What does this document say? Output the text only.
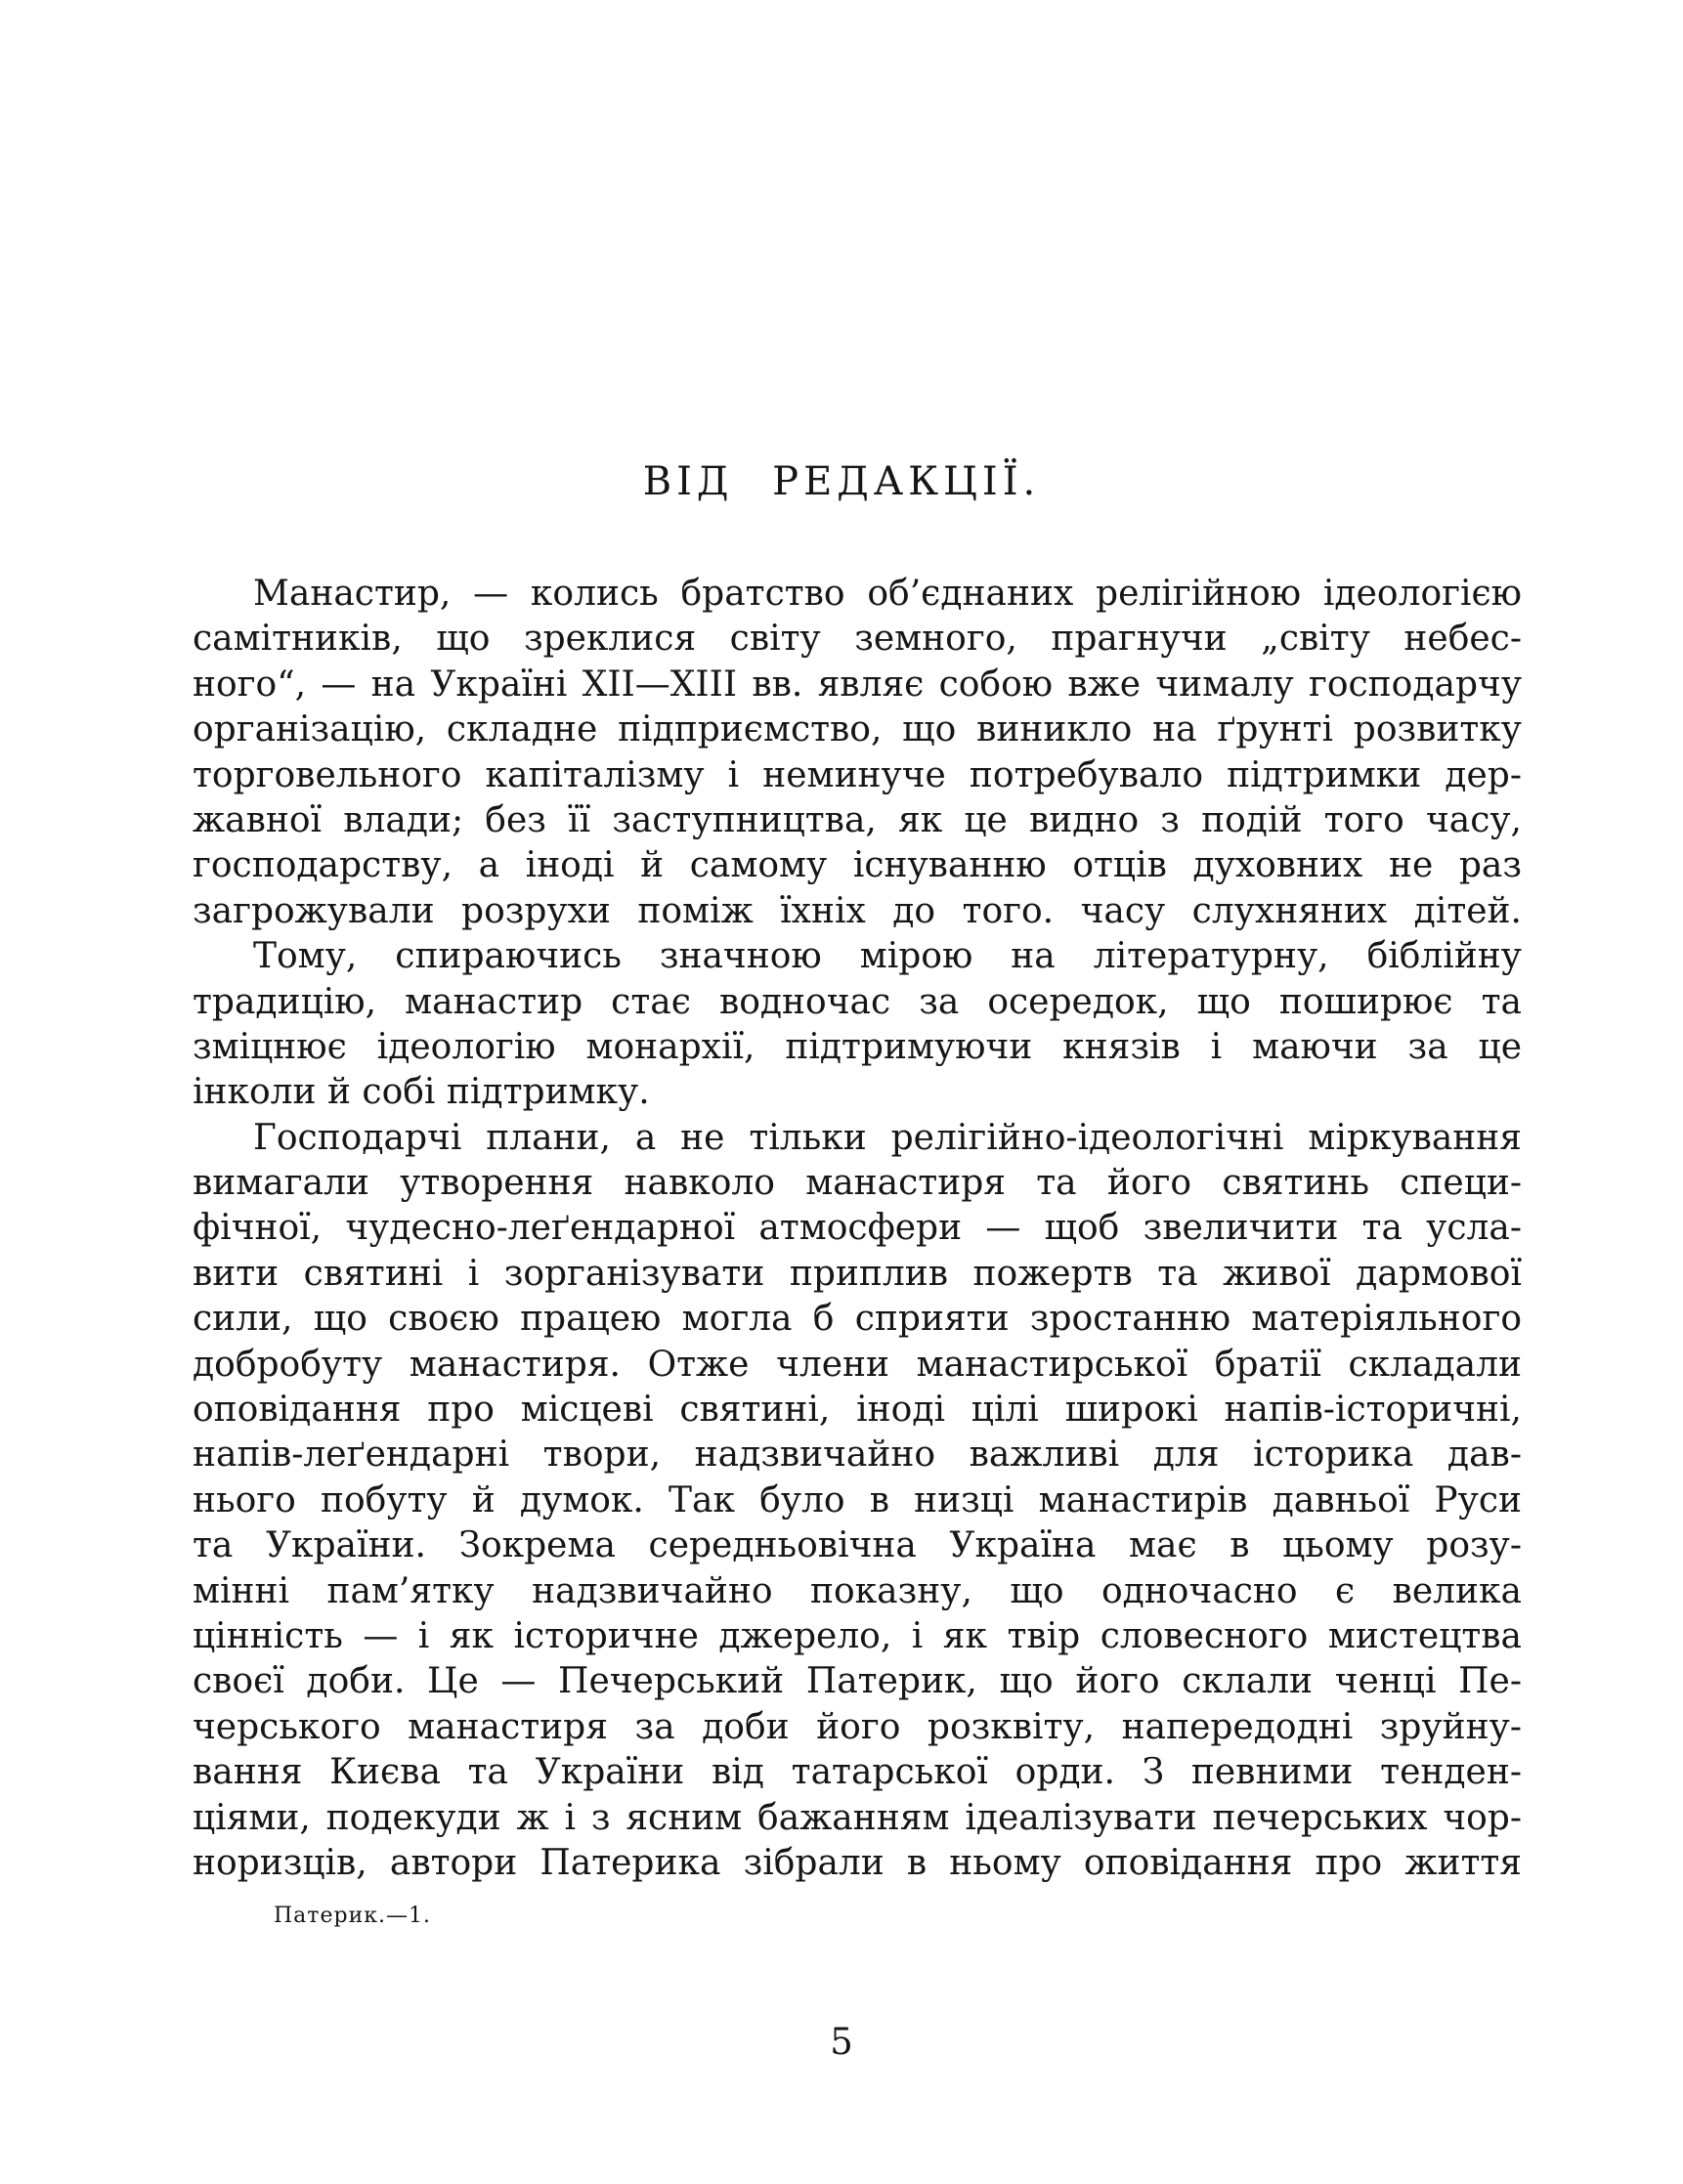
ВІД РЕДАКЦІЇ.
Манастир, — колись братство об’єднаних релігійною ідеологією
самітників, що зреклися світу земного, прагнучи „світу небес-
ного“, — на Україні XII—XIII вв. являє собою вже чималу господарчу
організацію, складне підприємство, що виникло на ґрунті розвитку
торговельного капіталізму і неминуче потребувало підтримки дер-
жавної влади; без її заступництва, як це видно з подій того часу,
господарству, а іноді й самому існуванню отців духовних не раз
загрожували розрухи поміж їхніх до того. часу слухняних дітей.
Тому, спираючись значною мірою на літературну, біблійну
традицію, манастир стає водночас за осередок, що поширює та
зміцнює ідеологію монархії, підтримуючи князів і маючи за це
інколи й собі підтримку.
Господарчі плани, а не тільки релігійно-ідеологічні міркування
вимагали утворення навколо манастиря та його святинь специ-
фічної, чудесно-леґендарної атмосфери — щоб звеличити та усла-
вити святині і зорганізувати приплив пожертв та живої дармової
сили, що своєю працею могла б сприяти зростанню матеріяльного
добробуту манастиря. Отже члени манастирської братії складали
оповідання про місцеві святині, іноді цілі широкі напів-історичні,
напів-леґендарні твори, надзвичайно важливі для історика дав-
нього побуту й думок. Так було в низці манастирів давньої Руси
та України. Зокрема середньовічна Україна має в цьому розу-
мінні пам’ятку надзвичайно показну, що одночасно є велика
цінність — і як історичне джерело, і як твір словесного мистецтва
своєї доби. Це — Печерський Патерик, що його склали ченці Пе-
черського манастиря за доби його розквіту, напередодні зруйну-
вання Києва та України від татарської орди. З певними тенден-
ціями, подекуди ж і з ясним бажанням ідеалізувати печерських чор-
норизців, автори Патерика зібрали в ньому оповідання про життя
Патерик.—1.
5
